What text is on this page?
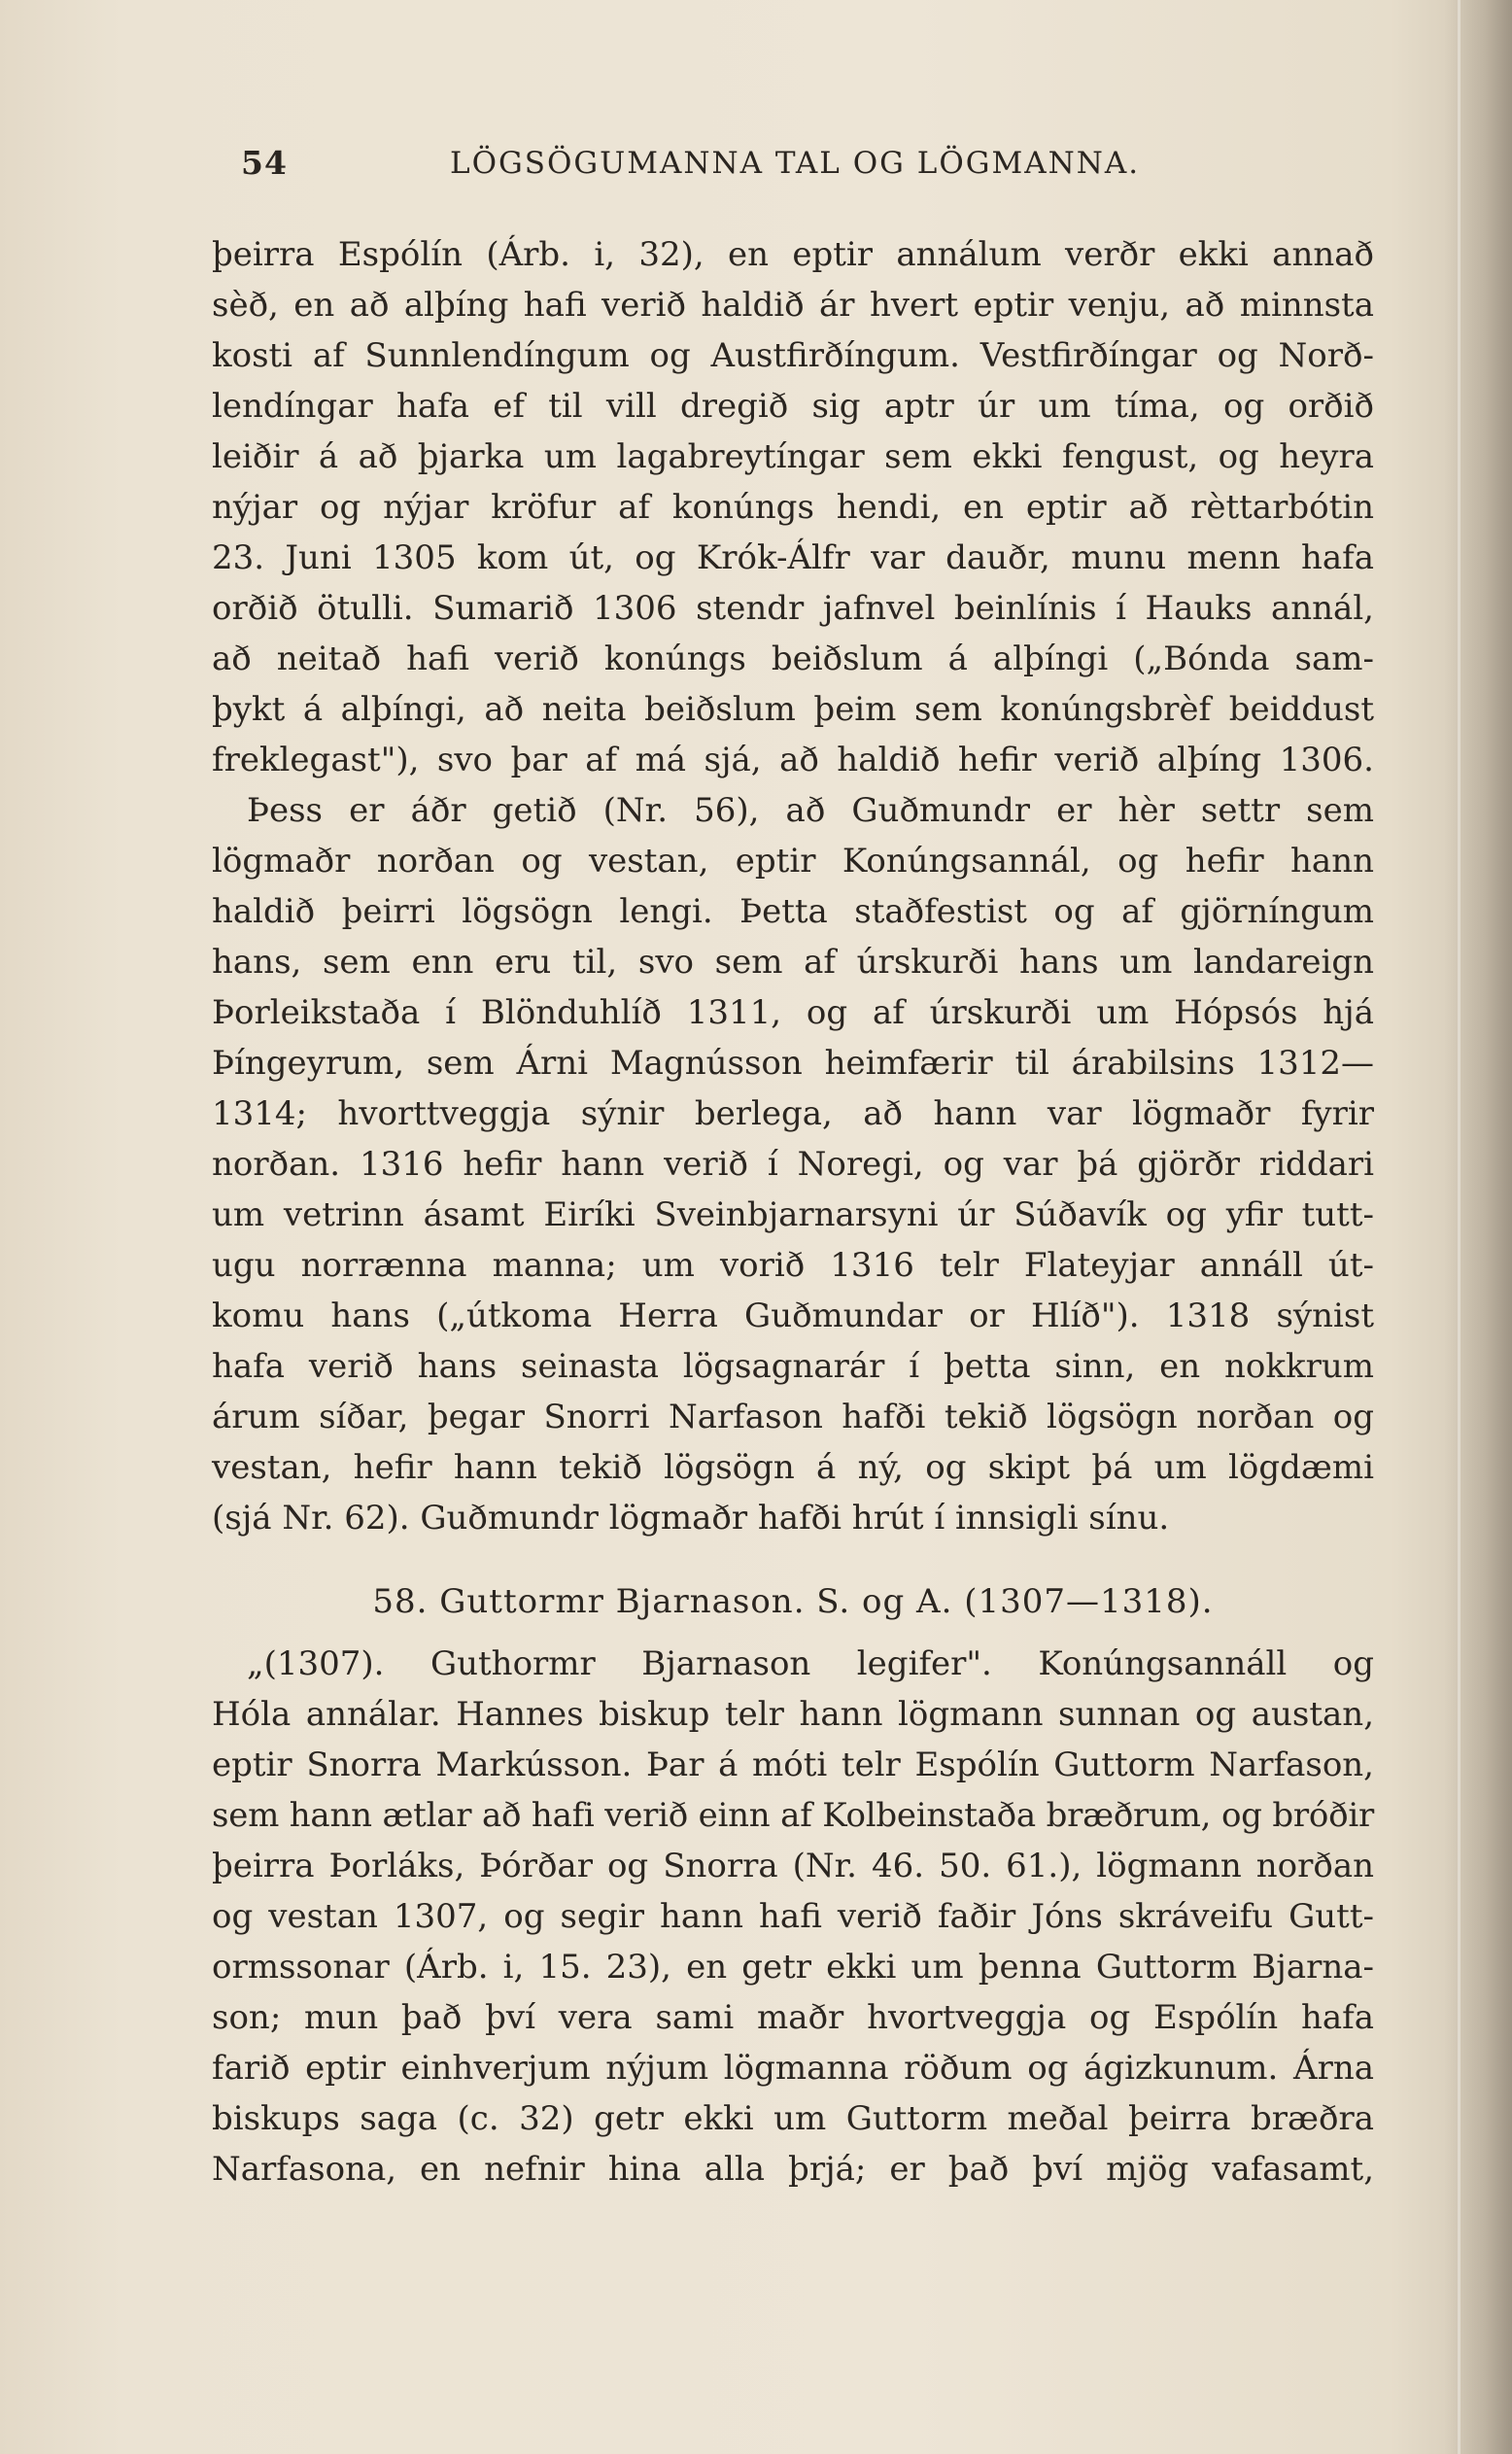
54	LÖGSÖGUMANNA TAL OG LÖGMANNA.
þeirra Espólín (Árb. i, 32), en eptir annálum verðr ekki annað
sèð, en að alþíng hafi verið haldið ár hvert eptir venju, að minnsta
kosti af Sunnlendíngum og Austfirðíngum. Vestfirðíngar og Norð-
lendíngar hafa ef til vill dregið sig aptr úr um tíma, og orðið
leiðir á að þjarka um lagabreytíngar sem ekki fengust, og heyra
nýjar og nýjar kröfur af konúngs hendi, en eptir að rèttarbótin
23. Juni 1305 kom út, og Krók-Álfr var dauðr, munu menn hafa
orðið ötulli. Sumarið 1306 stendr jafnvel beinlínis í Hauks annál,
að neitað hafi verið konúngs beiðslum á alþíngi („Bónda sam-
þykt á alþíngi, að neita beiðslum þeim sem konúngsbrèf beiddust
freklegast"), svo þar af má sjá, að haldið hefir verið alþíng 1306.
Þess er áðr getið (Nr. 56), að Guðmundr er hèr settr sem
lögmaðr norðan og vestan, eptir Konúngsannál, og hefir hann
haldið þeirri lögsögn lengi. Þetta staðfestist og af gjörníngum
hans, sem enn eru til, svo sem af úrskurði hans um landareign
Þorleikstaða í Blönduhlíð 1311, og af úrskurði um Hópsós hjá
Þíngeyrum, sem Árni Magnússon heimfærir til árabilsins 1312—
1314; hvorttveggja sýnir berlega, að hann var lögmaðr fyrir
norðan. 1316 hefir hann verið í Noregi, og var þá gjörðr riddari
um vetrinn ásamt Eiríki Sveinbjarnarsyni úr Súðavík og yfir tutt-
ugu norrænna manna; um vorið 1316 telr Flateyjar annáll út-
komu hans („útkoma Herra Guðmundar or Hlíð"). 1318 sýnist
hafa verið hans seinasta lögsagnarár í þetta sinn, en nokkrum
árum síðar, þegar Snorri Narfason hafði tekið lögsögn norðan og
vestan, hefir hann tekið lögsögn á ný, og skipt þá um lögdæmi
(sjá Nr. 62). Guðmundr lögmaðr hafði hrút í innsigli sínu.
58. Guttormr Bjarnason. S. og A. (1307—1318).
„(1307). Guthormr Bjarnason legifer". Konúngsannáll og
Hóla annálar. Hannes biskup telr hann lögmann sunnan og austan,
eptir Snorra Markússon. Þar á móti telr Espólín Guttorm Narfason,
sem hann ætlar að hafi verið einn af Kolbeinstaða bræðrum, og bróðir
þeirra Þorláks, Þórðar og Snorra (Nr. 46. 50. 61.), lögmann norðan
og vestan 1307, og segir hann hafi verið faðir Jóns skráveifu Gutt-
ormssonar (Árb. i, 15. 23), en getr ekki um þenna Guttorm Bjarna-
son; mun það því vera sami maðr hvortveggja og Espólín hafa
farið eptir einhverjum nýjum lögmanna röðum og ágizkunum. Árna
biskups saga (c. 32) getr ekki um Guttorm meðal þeirra bræðra
Narfasona, en nefnir hina alla þrjá; er það því mjög vafasamt,
